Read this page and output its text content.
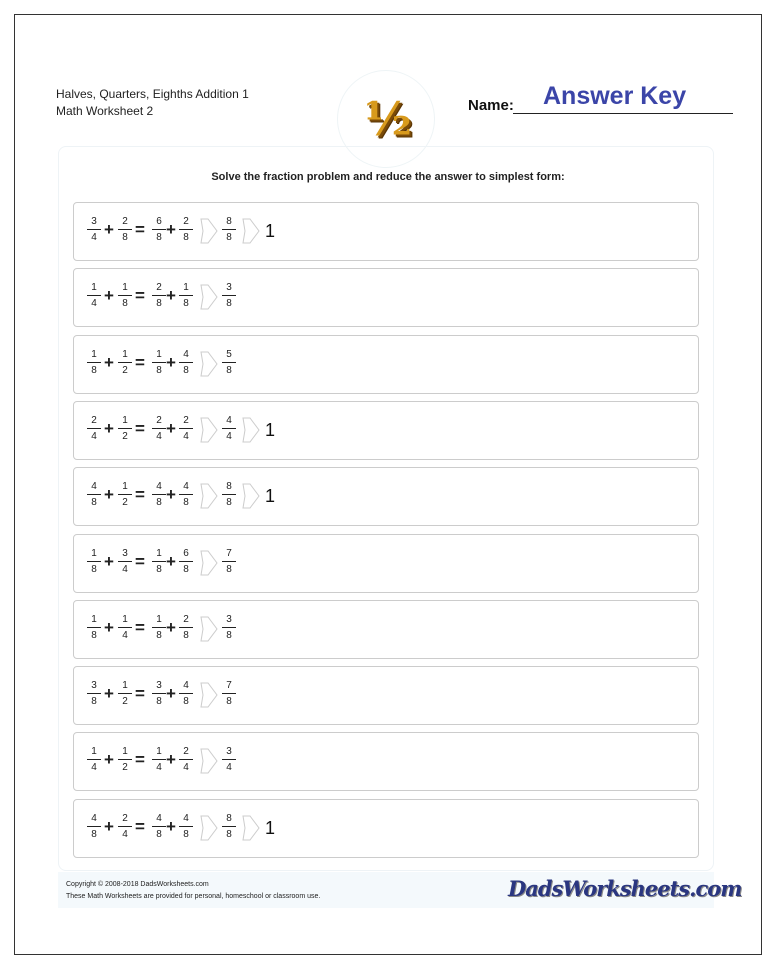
Halves, Quarters, Eighths Addition 1
Math Worksheet 2	½	Name: Answer Key
Solve the fraction problem and reduce the answer to simplest form:
$\frac{3}{4} + \frac{2}{8} = \frac{6}{8} + \frac{2}{8}$	$\frac{8}{8} 1$
$\frac{1}{4} + \frac{1}{8} = \frac{2}{8} + \frac{1}{8}$	$\frac{3}{8}$
$\frac{1}{8} + \frac{1}{2} = \frac{1}{8} + \frac{4}{8}$	$\frac{5}{8}$
$\frac{2}{4} + \frac{1}{2} = \frac{2}{4} + \frac{2}{4}$	$\frac{4}{4} 1$
$\frac{4}{8} + \frac{1}{2} = \frac{4}{8} + \frac{4}{8}$	$\frac{8}{8} 1$
$\frac{1}{8} + \frac{3}{4} = \frac{1}{8} + \frac{6}{8}$	$\frac{7}{8}$
$\frac{1}{8} + \frac{1}{4} = \frac{1}{8} + \frac{2}{8}$	$\frac{3}{8}$
$\frac{3}{8} + \frac{1}{2} = \frac{3}{8} + \frac{4}{8}$	$\frac{7}{8}$
$\frac{1}{4} + \frac{1}{2} = \frac{1}{4} + \frac{2}{4}$	$\frac{3}{4}$
$\frac{4}{8} + \frac{2}{4} = \frac{4}{8} + \frac{4}{8}$	$\frac{8}{8} 1$
Copyright © 2008-2018 DadsWorksheets.com
These Math Worksheets are provided for personal, homeschool or classroom use.	DadsWorksheets.com
